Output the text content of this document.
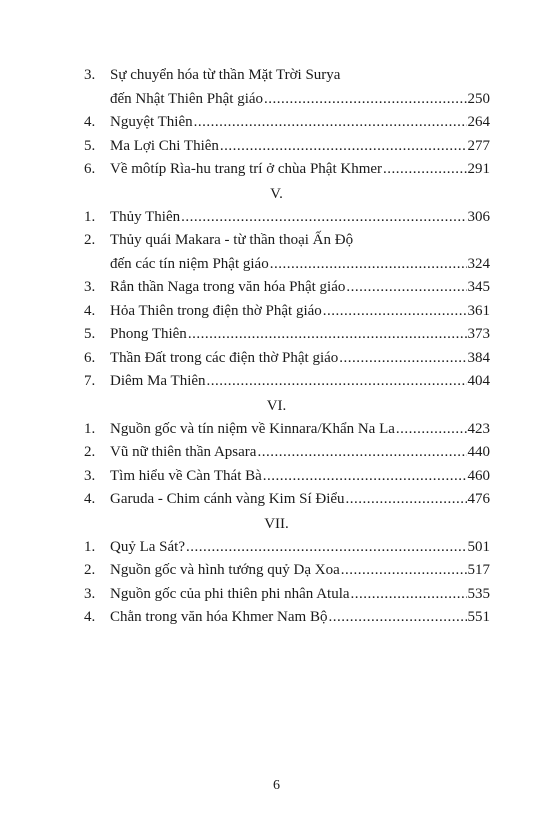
3. Sự chuyển hóa từ thần Mặt Trời Surya
đến Nhật Thiên Phật giáo .....	250
4. Nguyệt Thiên .....	264
5. Ma Lợi Chi Thiên .....	277
6. Về môtíp Rìa-hu trang trí ở chùa Phật Khmer .....	291
V.
1. Thủy Thiên .....	306
2. Thủy quái Makara - từ thần thoại Ấn Độ
đến các tín niệm Phật giáo .....	324
3. Rắn thần Naga trong văn hóa Phật giáo .....	345
4. Hỏa Thiên trong điện thờ Phật giáo .....	361
5. Phong Thiên .....	373
6. Thần Đất trong các điện thờ Phật giáo .....	384
7. Diêm Ma Thiên .....	404
VI.
1. Nguồn gốc và tín niệm về Kinnara/Khẩn Na La .....	423
2. Vũ nữ thiên thần Apsara .....	440
3. Tìm hiểu về Càn Thát Bà .....	460
4. Garuda - Chim cánh vàng Kim Sí Điểu .....	476
VII.
1. Quỷ La Sát? .....	501
2. Nguồn gốc và hình tướng quỷ Dạ Xoa .....	517
3. Nguồn gốc của phi thiên phi nhân Atula .....	535
4. Chằn trong văn hóa Khmer Nam Bộ .....	551
6
